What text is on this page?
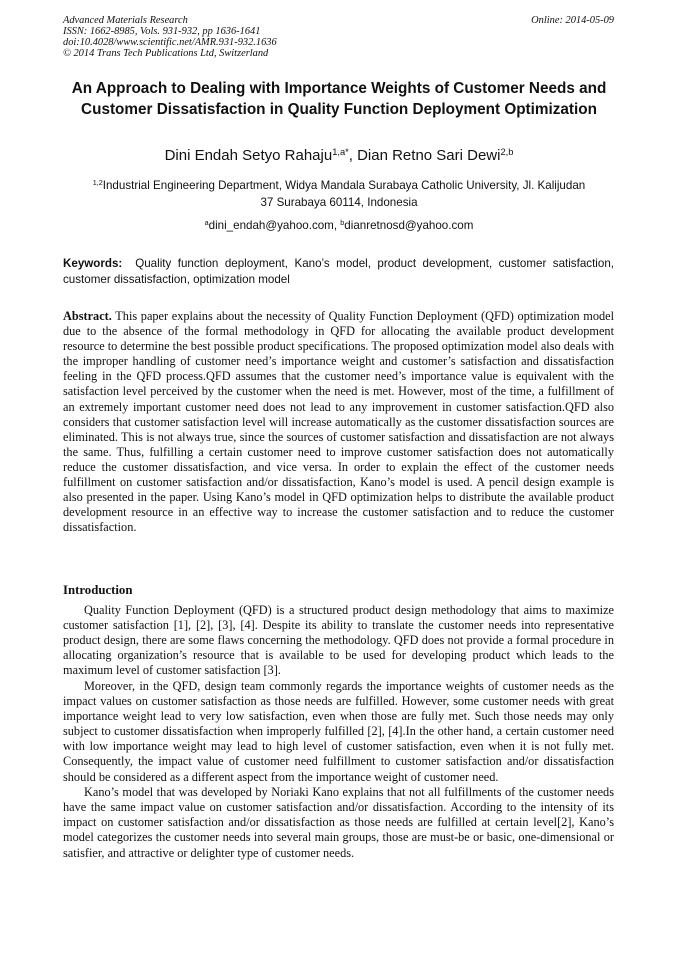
Advanced Materials Research
ISSN: 1662-8985, Vols. 931-932, pp 1636-1641
doi:10.4028/www.scientific.net/AMR.931-932.1636
© 2014 Trans Tech Publications Ltd, Switzerland
Online: 2014-05-09
An Approach to Dealing with Importance Weights of Customer Needs and Customer Dissatisfaction in Quality Function Deployment Optimization
Dini Endah Setyo Rahaju$^{1,a*}$, Dian Retno Sari Dewi$^{2,b}$
$^{1,2}$Industrial Engineering Department, Widya Mandala Surabaya Catholic University, Jl. Kalijudan
37 Surabaya 60114, Indonesia
$^a$dini_endah@yahoo.com, $^b$dianretnosd@yahoo.com
Keywords: Quality function deployment, Kano’s model, product development, customer satisfaction, customer dissatisfaction, optimization model

Abstract. This paper explains about the necessity of Quality Function Deployment (QFD) optimization model due to the absence of the formal methodology in QFD for allocating the available product development resource to determine the best possible product specifications. The proposed optimization model also deals with the improper handling of customer need’s importance weight and customer’s satisfaction and dissatisfaction feeling in the QFD process.QFD assumes that the customer need’s importance value is equivalent with the satisfaction level perceived by the customer when the need is met. However, most of the time, a fulfillment of an extremely important customer need does not lead to any improvement in customer satisfaction.QFD also considers that customer satisfaction level will increase automatically as the customer dissatisfaction sources are eliminated. This is not always true, since the sources of customer satisfaction and dissatisfaction are not always the same. Thus, fulfilling a certain customer need to improve customer satisfaction does not automatically reduce the customer dissatisfaction, and vice versa. In order to explain the effect of the customer needs fulfillment on customer satisfaction and/or dissatisfaction, Kano’s model is used. A pencil design example is also presented in the paper. Using Kano’s model in QFD optimization helps to distribute the available product development resource in an effective way to increase the customer satisfaction and to reduce the customer dissatisfaction.

Introduction

Quality Function Deployment (QFD) is a structured product design methodology that aims to maximize customer satisfaction [1], [2], [3], [4]. Despite its ability to translate the customer needs into representative product design, there are some flaws concerning the methodology. QFD does not provide a formal procedure in allocating organization’s resource that is available to be used for developing product which leads to the maximum level of customer satisfaction [3].

Moreover, in the QFD, design team commonly regards the importance weights of customer needs as the impact values on customer satisfaction as those needs are fulfilled. However, some customer needs with great importance weight lead to very low satisfaction, even when those are fully met. Such those needs may only subject to customer dissatisfaction when improperly fulfilled [2], [4].In the other hand, a certain customer need with low importance weight may lead to high level of customer satisfaction, even when it is not fully met. Consequently, the impact value of customer need fulfillment to customer satisfaction and/or dissatisfaction should be considered as a different aspect from the importance weight of customer need.

Kano’s model that was developed by Noriaki Kano explains that not all fulfillments of the customer needs have the same impact value on customer satisfaction and/or dissatisfaction. According to the intensity of its impact on customer satisfaction and/or dissatisfaction as those needs are fulfilled at certain level[2], Kano’s model categorizes the customer needs into several main groups, those are must-be or basic, one-dimensional or satisfier, and attractive or delighter type of customer needs.
